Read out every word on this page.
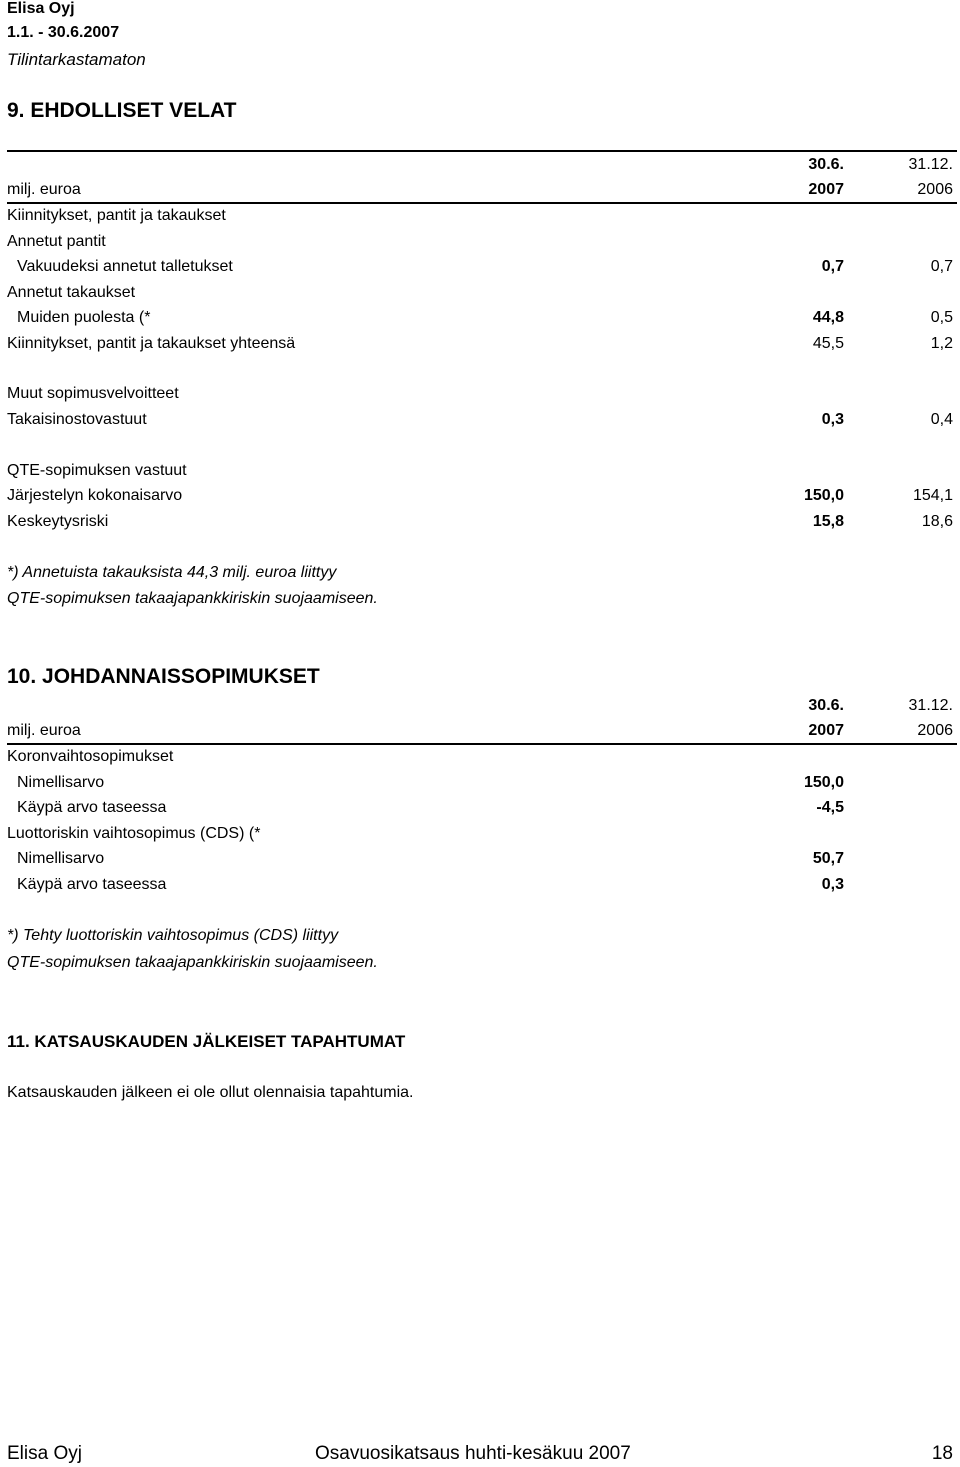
Elisa Oyj
1.1. - 30.6.2007
Tilintarkastamaton
9. EHDOLLISET VELAT
30.6.	31.12.
milj. euroa	2007	2006
Kiinnitykset, pantit ja takaukset
Annetut pantit
Vakuudeksi annetut talletukset	0,7	0,7
Annetut takaukset
Muiden puolesta (*	44,8	0,5
Kiinnitykset, pantit ja takaukset yhteensä	45,5	1,2
Muut sopimusvelvoitteet
Takaisinostovastuut	0,3	0,4
QTE-sopimuksen vastuut
Järjestelyn kokonaisarvo	150,0	154,1
Keskeytysriski	15,8	18,6
*) Annetuista takauksista 44,3 milj. euroa liittyy
QTE-sopimuksen takaajapankkiriskin suojaamiseen.
10. JOHDANNAISSOPIMUKSET
30.6.	31.12.
milj. euroa	2007	2006
Koronvaihtosopimukset
Nimellisarvo	150,0
Käypä arvo taseessa	-4,5
Luottoriskin vaihtosopimus (CDS) (*
Nimellisarvo	50,7
Käypä arvo taseessa	0,3
*) Tehty luottoriskin vaihtosopimus (CDS) liittyy
QTE-sopimuksen takaajapankkiriskin suojaamiseen.
11. KATSAUSKAUDEN JÄLKEISET TAPAHTUMAT
Katsauskauden jälkeen ei ole ollut olennaisia tapahtumia.
Elisa Oyj	Osavuosikatsaus huhti-kesäkuu 2007	18
